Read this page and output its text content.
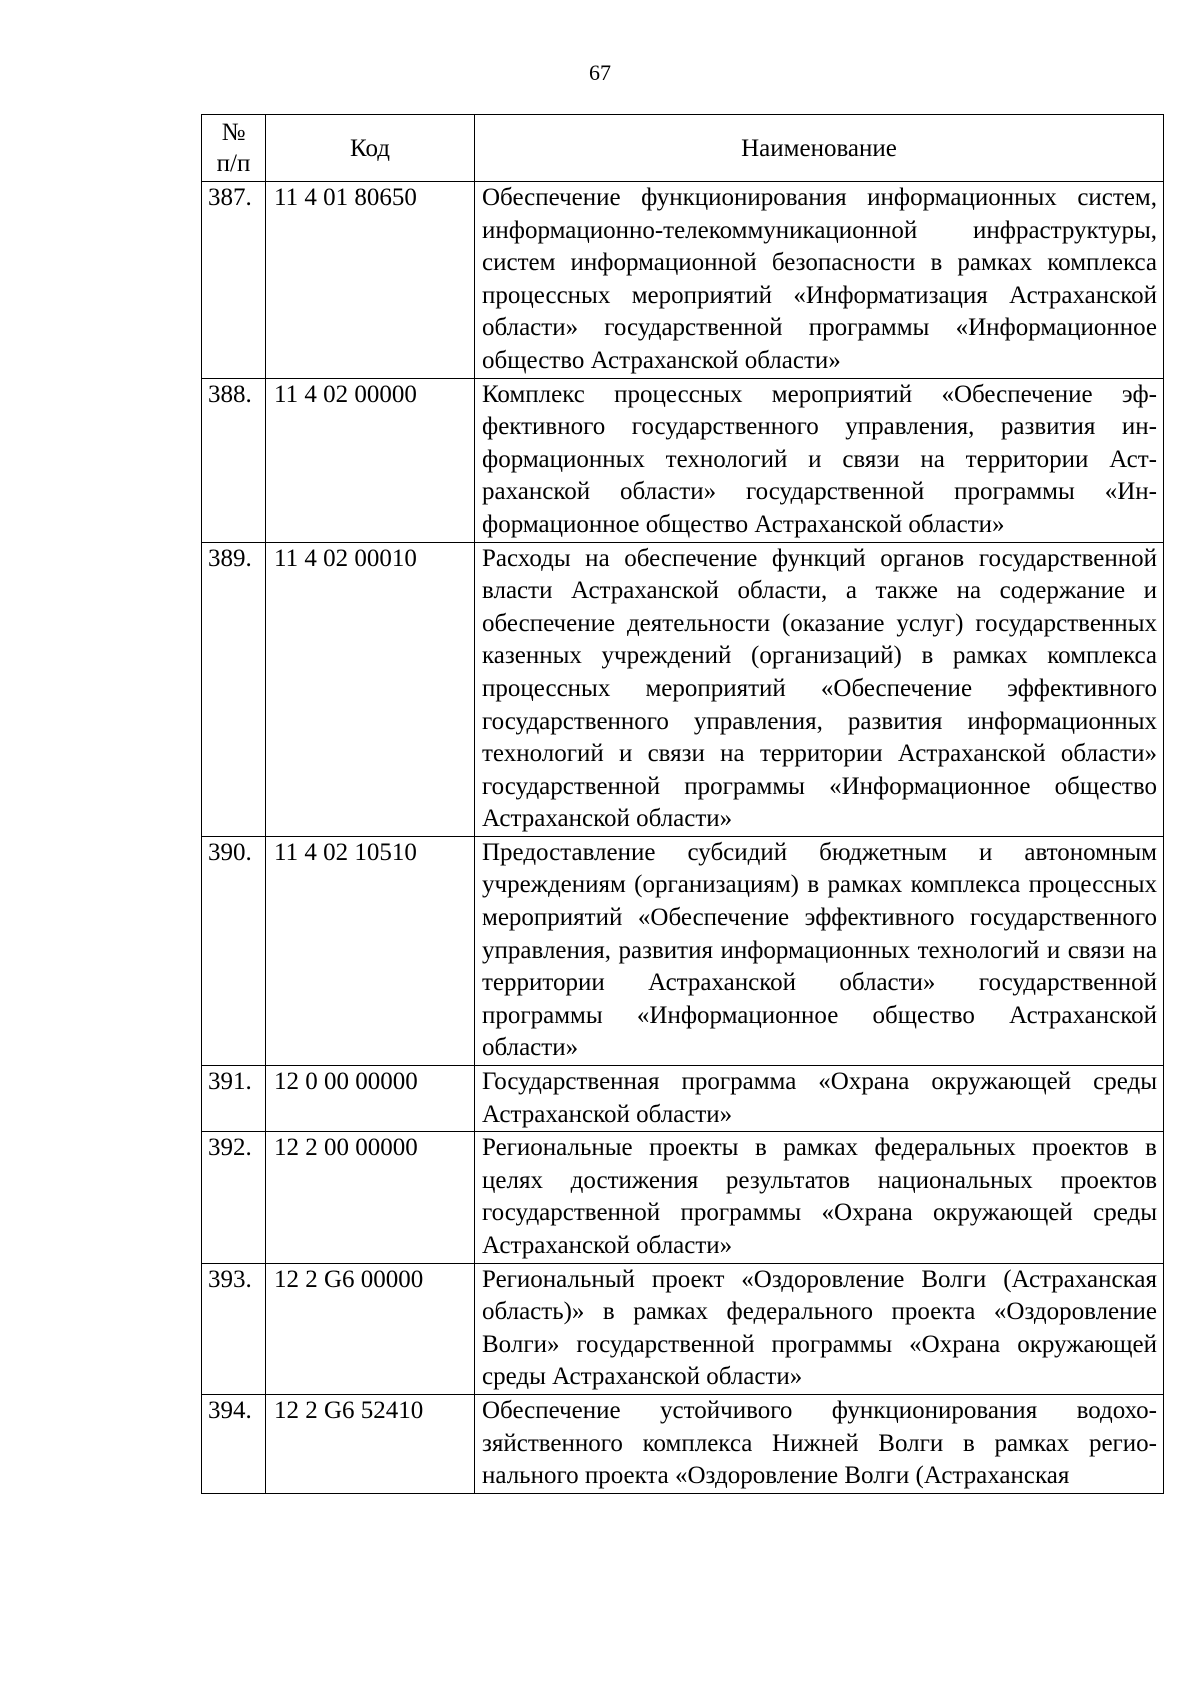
67
№
п/п	Код	Наименование
387.	11 4 01 80650	Обеспечение функционирования информационных систем, информационно-телекоммуникационной инфраструктуры, систем информационной безопасности в рамках комплекса процессных мероприятий «Информатизация Астраханской области» государственной программы «Информационное общество Астраханской области»
388.	11 4 02 00000	Комплекс процессных мероприятий «Обеспечение эффективного государственного управления, развития информационных технологий и связи на территории Астраханской области» государственной программы «Информационное общество Астраханской области»
389.	11 4 02 00010	Расходы на обеспечение функций органов государственной власти Астраханской области, а также на содержание и обеспечение деятельности (оказание услуг) государственных казенных учреждений (организаций) в рамках комплекса процессных мероприятий «Обеспечение эффективного государственного управления, развития информационных технологий и связи на территории Астраханской области» государственной программы «Информационное общество Астраханской области»
390.	11 4 02 10510	Предоставление субсидий бюджетным и автономным учреждениям (организациям) в рамках комплекса процессных мероприятий «Обеспечение эффективного государственного управления, развития информационных технологий и связи на территории Астраханской области» государственной программы «Информационное общество Астраханской области»
391.	12 0 00 00000	Государственная программа «Охрана окружающей среды Астраханской области»
392.	12 2 00 00000	Региональные проекты в рамках федеральных проектов в целях достижения результатов национальных проектов государственной программы «Охрана окружающей среды Астраханской области»
393.	12 2 G6 00000	Региональный проект «Оздоровление Волги (Астраханская область)» в рамках федерального проекта «Оздоровление Волги» государственной программы «Охрана окружающей среды Астраханской области»
394.	12 2 G6 52410	Обеспечение устойчивого функционирования водохозяйственного комплекса Нижней Волги в рамках регионального проекта «Оздоровление Волги (Астраханская
